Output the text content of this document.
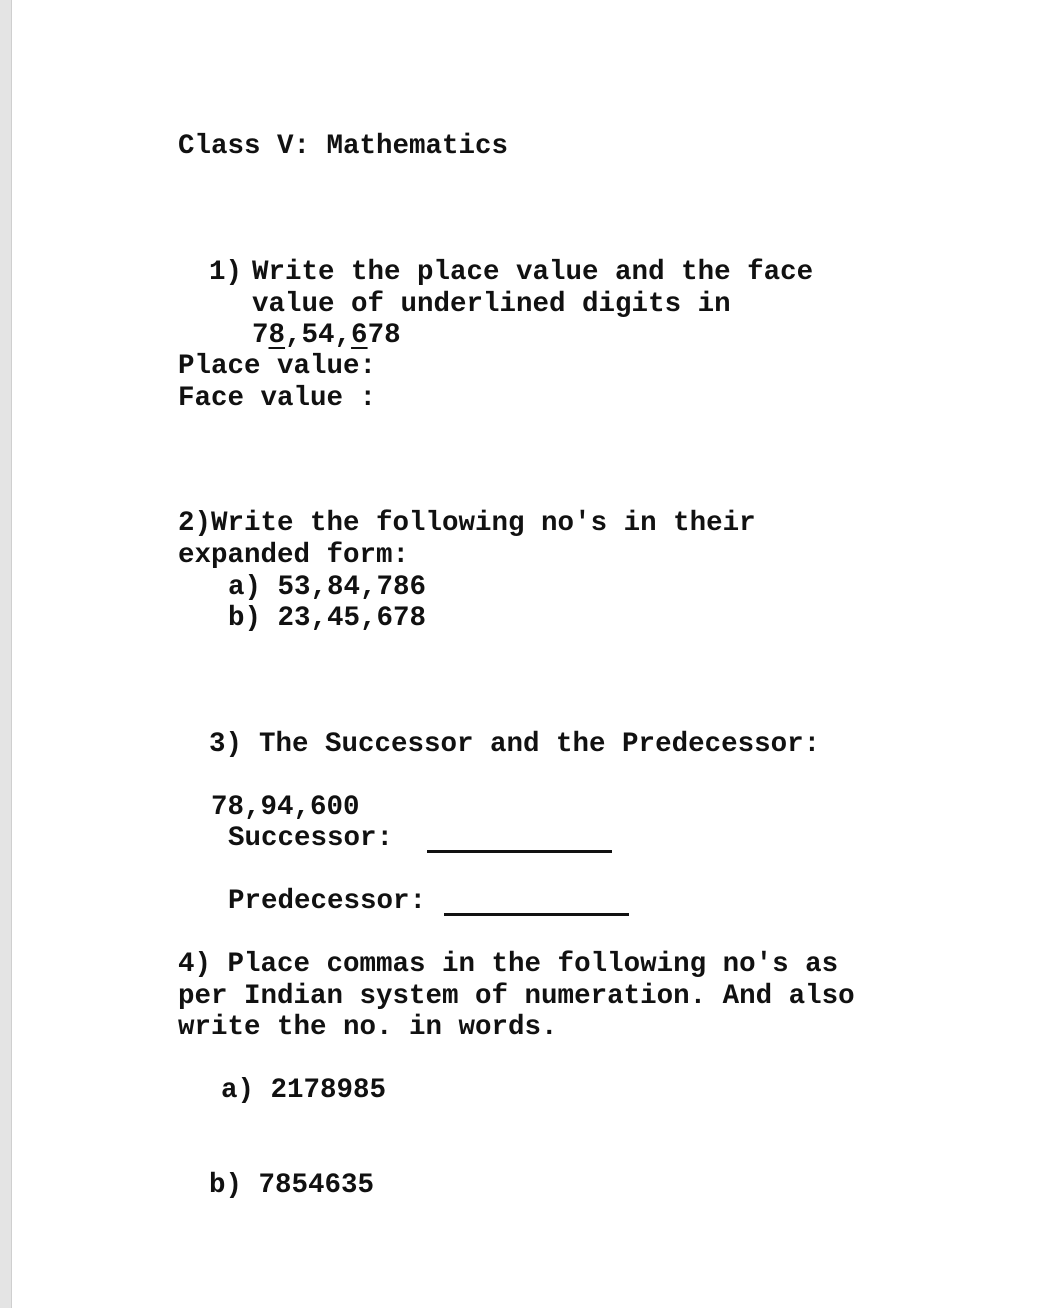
Class V: Mathematics
1) Write the place value and the face
value of underlined digits in
78,54,678
Place value:
Face value :
2)Write the following no's in their
expanded form:
a) 53,84,786
b) 23,45,678
3) The Successor and the Predecessor:
78,94,600
Successor:
Predecessor:
4) Place commas in the following no's as
per Indian system of numeration. And also
write the no. in words.
a) 2178985
b) 7854635
